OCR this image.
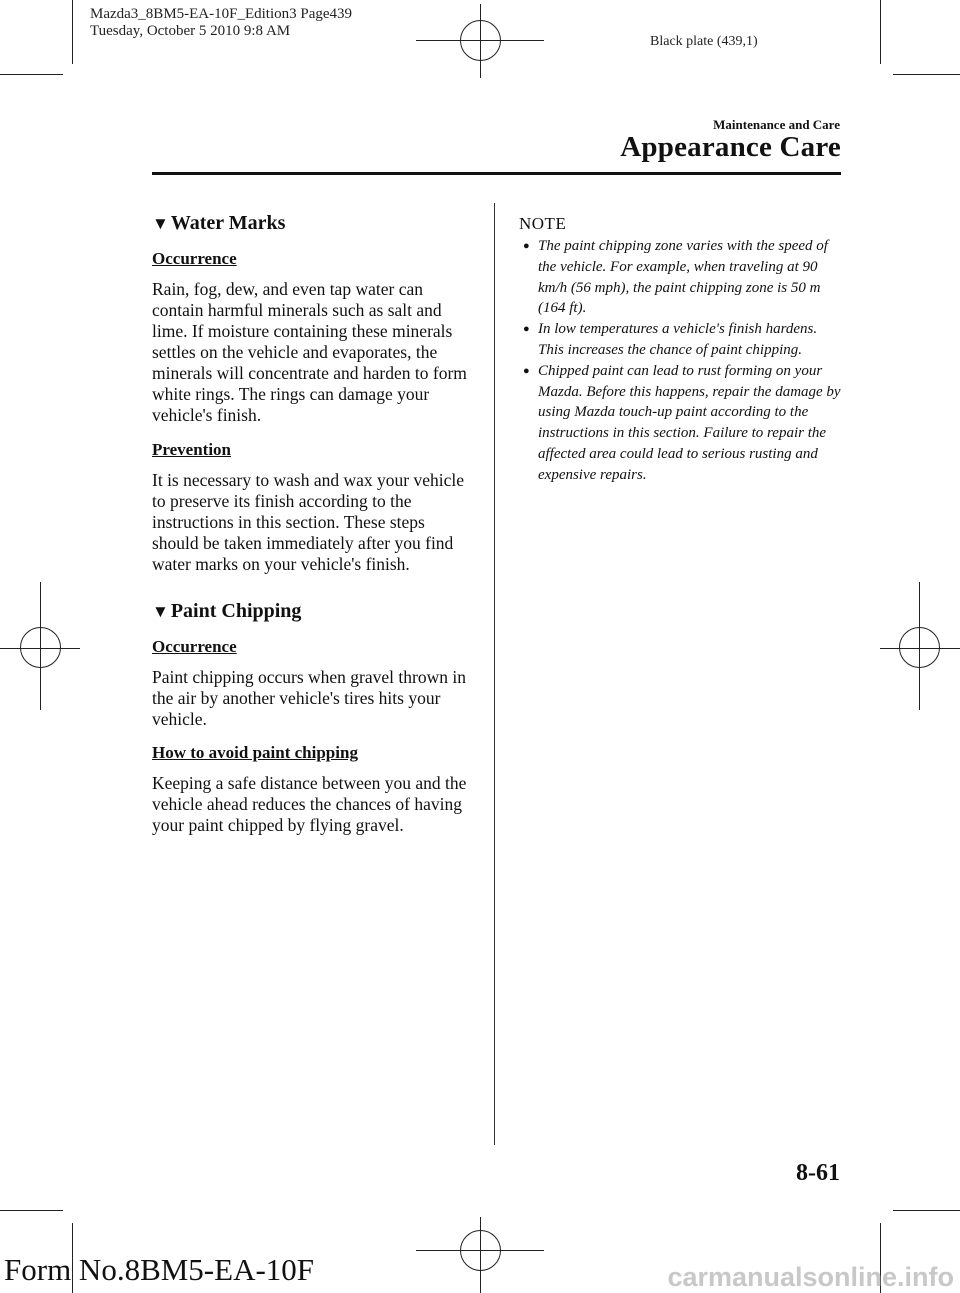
Mazda3_8BM5-EA-10F_Edition3 Page439
Tuesday, October 5 2010 9:8 AM
Black plate (439,1)
Maintenance and Care
Appearance Care
▼ Water Marks

Occurrence

Rain, fog, dew, and even tap water can contain harmful minerals such as salt and lime. If moisture containing these minerals settles on the vehicle and evaporates, the minerals will concentrate and harden to form white rings. The rings can damage your vehicle's finish.

Prevention

It is necessary to wash and wax your vehicle to preserve its finish according to the instructions in this section. These steps should be taken immediately after you find water marks on your vehicle's finish.

▼ Paint Chipping

Occurrence

Paint chipping occurs when gravel thrown in the air by another vehicle's tires hits your vehicle.

How to avoid paint chipping

Keeping a safe distance between you and the vehicle ahead reduces the chances of having your paint chipped by flying gravel.

NOTE
● The paint chipping zone varies with the speed of the vehicle. For example, when traveling at 90 km/h (56 mph), the paint chipping zone is 50 m (164 ft).
● In low temperatures a vehicle's finish hardens. This increases the chance of paint chipping.
● Chipped paint can lead to rust forming on your Mazda. Before this happens, repair the damage by using Mazda touch-up paint according to the instructions in this section. Failure to repair the affected area could lead to serious rusting and expensive repairs.
8-61
Form No.8BM5-EA-10F	carmanualsonline.info
